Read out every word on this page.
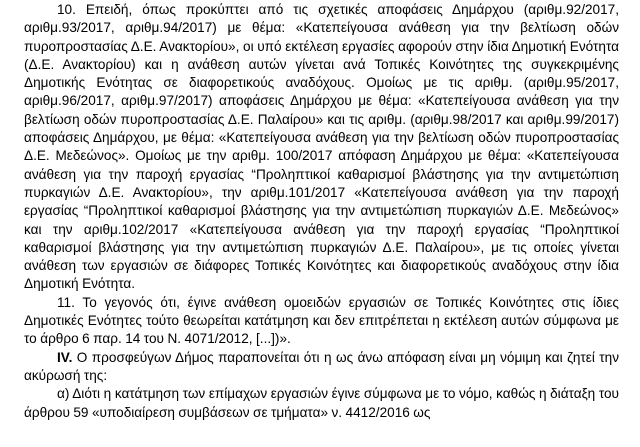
10. Επειδή, όπως προκύπτει από τις σχετικές αποφάσεις Δημάρχου (αριθμ.92/2017, αριθμ.93/2017, αριθμ.94/2017) με θέμα: «Κατεπείγουσα ανάθεση για την βελτίωση οδών πυροπροστασίας Δ.Ε. Ανακτορίου», οι υπό εκτέλεση εργασίες αφορούν στην ίδια Δημοτική Ενότητα (Δ.Ε. Ανακτορίου) και η ανάθεση αυτών γίνεται ανά Τοπικές Κοινότητες της συγκεκριμένης Δημοτικής Ενότητας σε διαφορετικούς αναδόχους. Ομοίως με τις αριθμ. (αριθμ.95/2017, αριθμ.96/2017, αριθμ.97/2017) αποφάσεις Δημάρχου με θέμα: «Κατεπείγουσα ανάθεση για την βελτίωση οδών πυροπροστασίας Δ.Ε. Παλαίρου» και τις αριθμ. (αριθμ.98/2017 και αριθμ.99/2017) αποφάσεις Δημάρχου, με θέμα: «Κατεπείγουσα ανάθεση για την βελτίωση οδών πυροπροστασίας Δ.Ε. Μεδεώνος». Ομοίως με την αριθμ. 100/2017 απόφαση Δημάρχου με θέμα: «Κατεπείγουσα ανάθεση για την παροχή εργασίας “Προληπτικοί καθαρισμοί βλάστησης για την αντιμετώπιση πυρκαγιών Δ.Ε. Ανακτορίου», την αριθμ.101/2017 «Κατεπείγουσα ανάθεση για την παροχή εργασίας “Προληπτικοί καθαρισμοί βλάστησης για την αντιμετώπιση πυρκαγιών Δ.Ε. Μεδεώνος» και την αριθμ.102/2017 «Κατεπείγουσα ανάθεση για την παροχή εργασίας “Προληπτικοί καθαρισμοί βλάστησης για την αντιμετώπιση πυρκαγιών Δ.Ε. Παλαίρου», με τις οποίες γίνεται ανάθεση των εργασιών σε διάφορες Τοπικές Κοινότητες και διαφορετικούς αναδόχους στην ίδια Δημοτική Ενότητα.

11. Το γεγονός ότι, έγινε ανάθεση ομοειδών εργασιών σε Τοπικές Κοινότητες στις ίδιες Δημοτικές Ενότητες τούτο θεωρείται κατάτμηση και δεν επιτρέπεται η εκτέλεση αυτών σύμφωνα με το άρθρο 6 παρ. 14 του Ν. 4071/2012, [...])».

IV. Ο προσφεύγων Δήμος παραπονείται ότι η ως άνω απόφαση είναι μη νόμιμη και ζητεί την ακύρωσή της:

α) Διότι η κατάτμηση των επίμαχων εργασιών έγινε σύμφωνα με το νόμο, καθώς η διάταξη του άρθρου 59 «υποδιαίρεση συμβάσεων σε τμήματα» ν. 4412/2016 ως
